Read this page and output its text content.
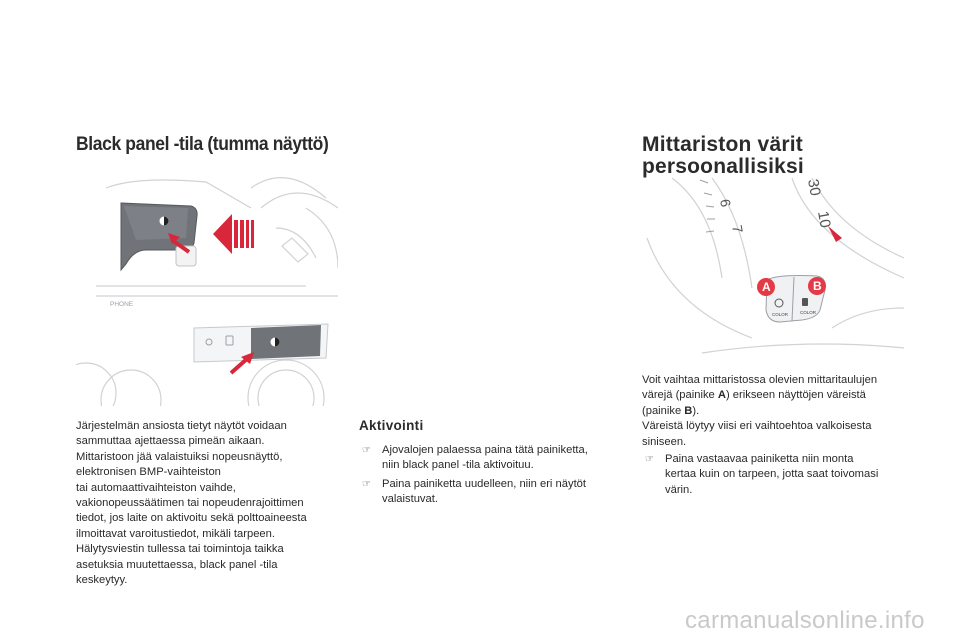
Black panel -tila (tumma näyttö)	Mittariston värit
persoonallisiksi
PHONE
6
7
30
10
COLOR	COLOR
A	B

Järjestelmän ansiosta tietyt näytöt voidaan
sammuttaa ajettaessa pimeän aikaan.
Mittaristoon jää valaistuiksi nopeusnäyttö,
elektronisen BMP-vaihteiston
tai automaattivaihteiston vaihde,
vakionopeussäätimen tai nopeudenrajoittimen
tiedot, jos laite on aktivoitu sekä polttoaineesta
ilmoittavat varoitustiedot, mikäli tarpeen.
Hälytysviestin tullessa tai toimintoja taikka
asetuksia muutettaessa, black panel -tila
keskeytyy.

Aktivointi
☞ Ajovalojen palaessa paina tätä painiketta,
niin black panel -tila aktivoituu.
☞ Paina painiketta uudelleen, niin eri näytöt
valaistuvat.

Voit vaihtaa mittaristossa olevien mittaritaulujen
värejä (painike A) erikseen näyttöjen väreistä
(painike B).
Väreistä löytyy viisi eri vaihtoehtoa valkoisesta
siniseen.

☞ Paina vastaavaa painiketta niin monta
kertaa kuin on tarpeen, jotta saat toivomasi
värin.
carmanualsonline.info
